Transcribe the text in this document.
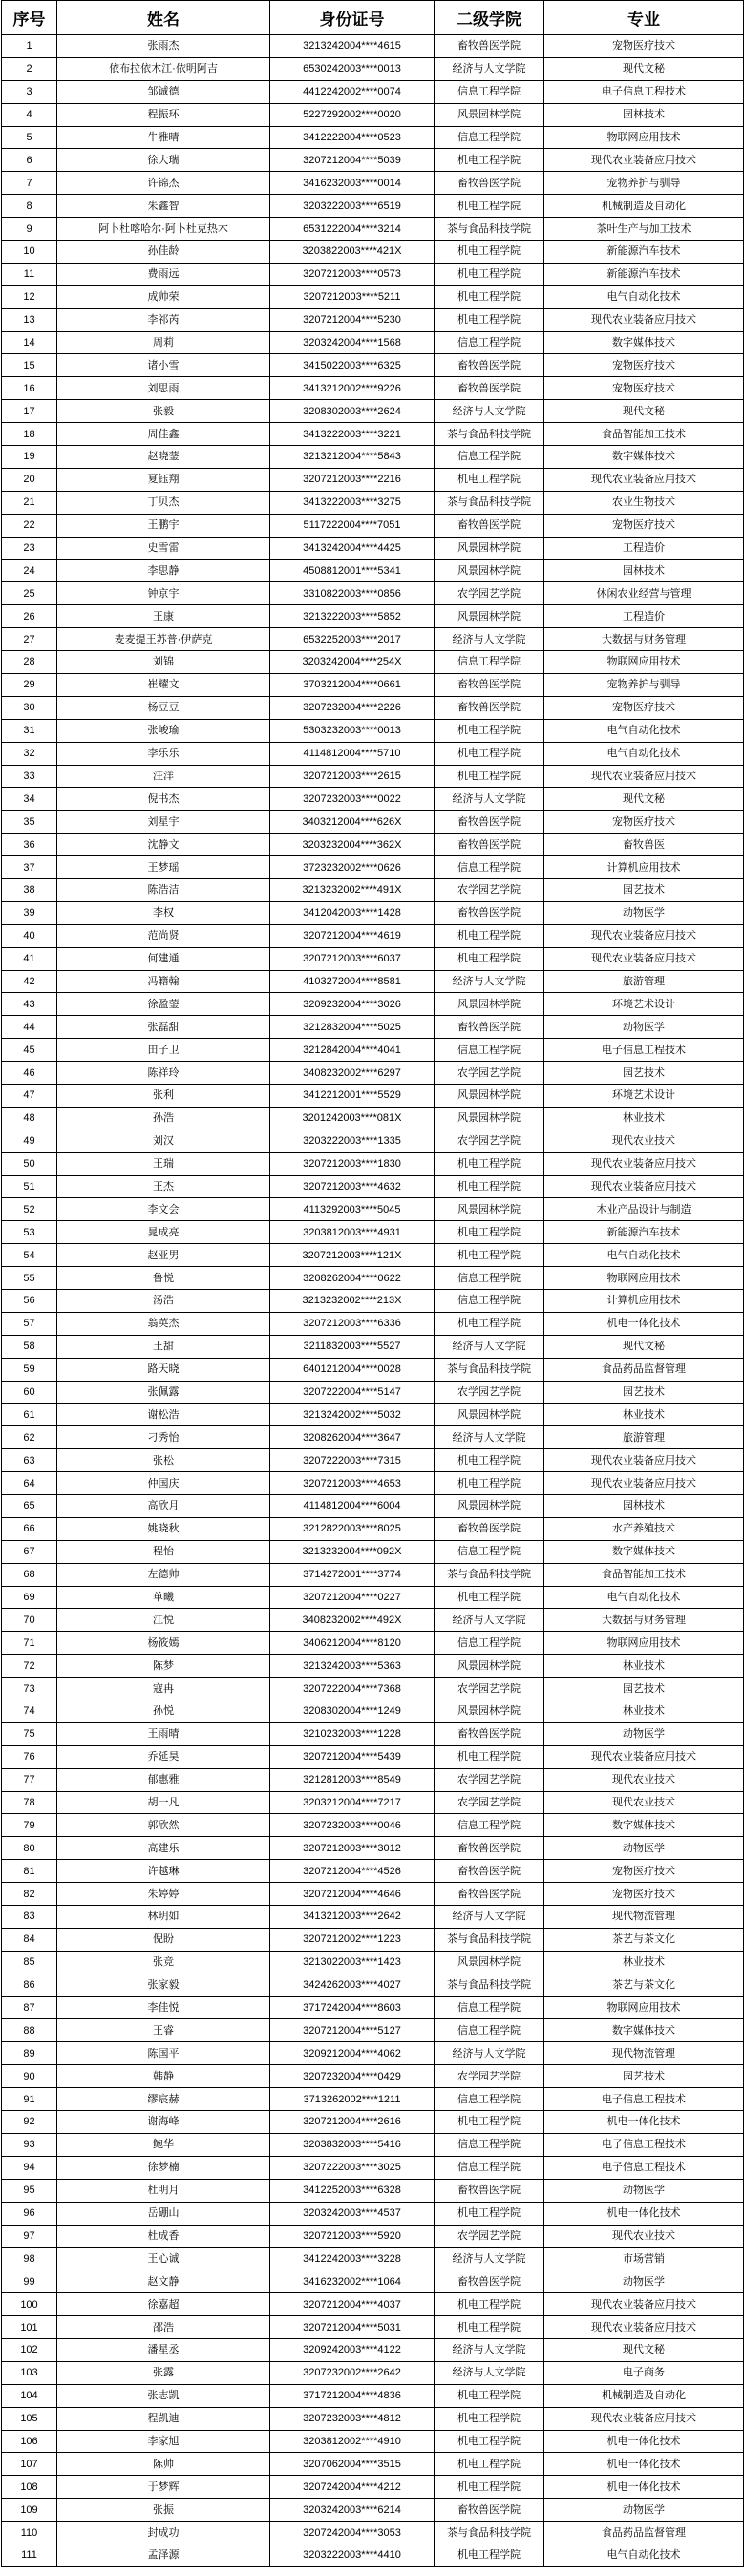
序号	姓名	身份证号	二级学院	专业
1	张雨杰	3213242004****4615	畜牧兽医学院	宠物医疗技术
2	依布拉依木江·依明阿吉	6530242003****0013	经济与人文学院	现代文秘
3	邹诚德	4412242002****0074	信息工程学院	电子信息工程技术
4	程振环	5227292002****0020	风景园林学院	园林技术
5	牛雅晴	3412222004****0523	信息工程学院	物联网应用技术
6	徐大瑞	3207212004****5039	机电工程学院	现代农业装备应用技术
7	许锦杰	3416232003****0014	畜牧兽医学院	宠物养护与驯导
8	朱鑫智	3203222003****6519	机电工程学院	机械制造及自动化
9	阿卜杜喀哈尔·阿卜杜克热木	6531222004****3214	茶与食品科技学院	茶叶生产与加工技术
10	孙佳龄	3203822003****421X	机电工程学院	新能源汽车技术
11	费雨远	3207212003****0573	机电工程学院	新能源汽车技术
12	成帅荣	3207212003****5211	机电工程学院	电气自动化技术
13	李祁芮	3207212004****5230	机电工程学院	现代农业装备应用技术
14	周莉	3203242004****1568	信息工程学院	数字媒体技术
15	诸小雪	3415022003****6325	畜牧兽医学院	宠物医疗技术
16	刘思雨	3413212002****9226	畜牧兽医学院	宠物医疗技术
17	张毅	3208302003****2624	经济与人文学院	现代文秘
18	周佳鑫	3413222003****3221	茶与食品科技学院	食品智能加工技术
19	赵晓蓥	3213212004****5843	信息工程学院	数字媒体技术
20	夏钰翔	3207212003****2216	机电工程学院	现代农业装备应用技术
21	丁贝杰	3413222003****3275	茶与食品科技学院	农业生物技术
22	王鹏宇	5117222004****7051	畜牧兽医学院	宠物医疗技术
23	史雪雷	3413242004****4425	风景园林学院	工程造价
24	李思静	4508812001****5341	风景园林学院	园林技术
25	钟京宇	3310822003****0856	农学园艺学院	休闲农业经营与管理
26	王康	3213222003****5852	风景园林学院	工程造价
27	麦麦提王苏普·伊萨克	6532252003****2017	经济与人文学院	大数据与财务管理
28	刘锦	3203242004****254X	信息工程学院	物联网应用技术
29	崔耀文	3703212004****0661	畜牧兽医学院	宠物养护与驯导
30	杨豆豆	3207232004****2226	畜牧兽医学院	宠物医疗技术
31	张峻瑜	5303232003****0013	机电工程学院	电气自动化技术
32	李乐乐	4114812004****5710	机电工程学院	电气自动化技术
33	汪洋	3207212003****2615	机电工程学院	现代农业装备应用技术
34	倪书杰	3207232003****0022	经济与人文学院	现代文秘
35	刘星宇	3403212004****626X	畜牧兽医学院	宠物医疗技术
36	沈静文	3203232004****362X	畜牧兽医学院	畜牧兽医
37	王梦瑶	3723232002****0626	信息工程学院	计算机应用技术
38	陈浩洁	3213232002****491X	农学园艺学院	园艺技术
39	李权	3412042003****1428	畜牧兽医学院	动物医学
40	范尚贤	3207212004****4619	机电工程学院	现代农业装备应用技术
41	何建通	3207212003****6037	机电工程学院	现代农业装备应用技术
42	冯籍翰	4103272004****8581	经济与人文学院	旅游管理
43	徐盈蓥	3209232004****3026	风景园林学院	环境艺术设计
44	张磊甜	3212832004****5025	畜牧兽医学院	动物医学
45	田子卫	3212842004****4041	信息工程学院	电子信息工程技术
46	陈祥玲	3408232002****6297	农学园艺学院	园艺技术
47	张利	3412212001****5529	风景园林学院	环境艺术设计
48	孙浩	3201242003****081X	风景园林学院	林业技术
49	刘汉	3203222003****1335	农学园艺学院	现代农业技术
50	王瑞	3207212003****1830	机电工程学院	现代农业装备应用技术
51	王杰	3207212003****4632	机电工程学院	现代农业装备应用技术
52	李文会	4113292003****5045	风景园林学院	木业产品设计与制造
53	晁成亮	3203812003****4931	机电工程学院	新能源汽车技术
54	赵亚男	3207212003****121X	机电工程学院	电气自动化技术
55	鲁悦	3208262004****0622	信息工程学院	物联网应用技术
56	汤浩	3213232002****213X	信息工程学院	计算机应用技术
57	翁英杰	3207212003****6336	机电工程学院	机电一体化技术
58	王甜	3211832003****5527	经济与人文学院	现代文秘
59	路天晓	6401212004****0028	茶与食品科技学院	食品药品监督管理
60	张佩露	3207222004****5147	农学园艺学院	园艺技术
61	谢松浩	3213242002****5032	风景园林学院	林业技术
62	刁秀怡	3208262004****3647	经济与人文学院	旅游管理
63	张松	3207222003****7315	机电工程学院	现代农业装备应用技术
64	仲国庆	3207212003****4653	机电工程学院	现代农业装备应用技术
65	高欣月	4114812004****6004	风景园林学院	园林技术
66	姚晓秋	3212822003****8025	畜牧兽医学院	水产养殖技术
67	程怡	3213232004****092X	信息工程学院	数字媒体技术
68	左德帅	3714272001****3774	茶与食品科技学院	食品智能加工技术
69	单曦	3207212004****0227	机电工程学院	电气自动化技术
70	江悦	3408232002****492X	经济与人文学院	大数据与财务管理
71	杨筱嫣	3406212004****8120	信息工程学院	物联网应用技术
72	陈梦	3213242003****5363	风景园林学院	林业技术
73	寇冉	3207222004****7368	农学园艺学院	园艺技术
74	孙悦	3208302004****1249	风景园林学院	林业技术
75	王雨晴	3210232003****1228	畜牧兽医学院	动物医学
76	乔延昊	3207212004****5439	机电工程学院	现代农业装备应用技术
77	郁惠雅	3212812003****8549	农学园艺学院	现代农业技术
78	胡一凡	3203212004****7217	农学园艺学院	现代农业技术
79	郭欣然	3207232003****0046	信息工程学院	数字媒体技术
80	高建乐	3207212003****3012	畜牧兽医学院	动物医学
81	许越琳	3207212004****4526	畜牧兽医学院	宠物医疗技术
82	朱婷婷	3207212004****4646	畜牧兽医学院	宠物医疗技术
83	林玥如	3413212003****2642	经济与人文学院	现代物流管理
84	倪盼	3207212002****1223	茶与食品科技学院	茶艺与茶文化
85	张竞	3213022003****1423	风景园林学院	林业技术
86	张家毅	3424262003****4027	茶与食品科技学院	茶艺与茶文化
87	李佳悦	3717242004****8603	信息工程学院	物联网应用技术
88	王睿	3207212004****5127	信息工程学院	数字媒体技术
89	陈国平	3209212004****4062	经济与人文学院	现代物流管理
90	韩静	3207232004****0429	农学园艺学院	园艺技术
91	缪宸赫	3713262002****1211	信息工程学院	电子信息工程技术
92	谢海峰	3207212004****2616	机电工程学院	机电一体化技术
93	鲍华	3203832003****5416	信息工程学院	电子信息工程技术
94	徐梦楠	3207222003****3025	信息工程学院	电子信息工程技术
95	杜明月	3412252003****6328	畜牧兽医学院	动物医学
96	岳硼山	3203242003****4537	机电工程学院	机电一体化技术
97	杜成香	3207212003****5920	农学园艺学院	现代农业技术
98	王心诚	3412242003****3228	经济与人文学院	市场营销
99	赵文静	3416232002****1064	畜牧兽医学院	动物医学
100	徐嘉超	3207212004****4037	机电工程学院	现代农业装备应用技术
101	邵浩	3207212004****5031	机电工程学院	现代农业装备应用技术
102	潘星丞	3209242003****4122	经济与人文学院	现代文秘
103	张露	3207232002****2642	经济与人文学院	电子商务
104	张志凯	3717212004****4836	机电工程学院	机械制造及自动化
105	程凯迪	3207232003****4812	机电工程学院	现代农业装备应用技术
106	李家旭	3203812002****4910	机电工程学院	机电一体化技术
107	陈帅	3207062004****3515	机电工程学院	机电一体化技术
108	于梦辉	3207242004****4212	机电工程学院	机电一体化技术
109	张振	3203242003****6214	畜牧兽医学院	动物医学
110	封成功	3207242004****3053	茶与食品科技学院	食品药品监督管理
111	孟泽源	3203222003****4410	机电工程学院	电气自动化技术
